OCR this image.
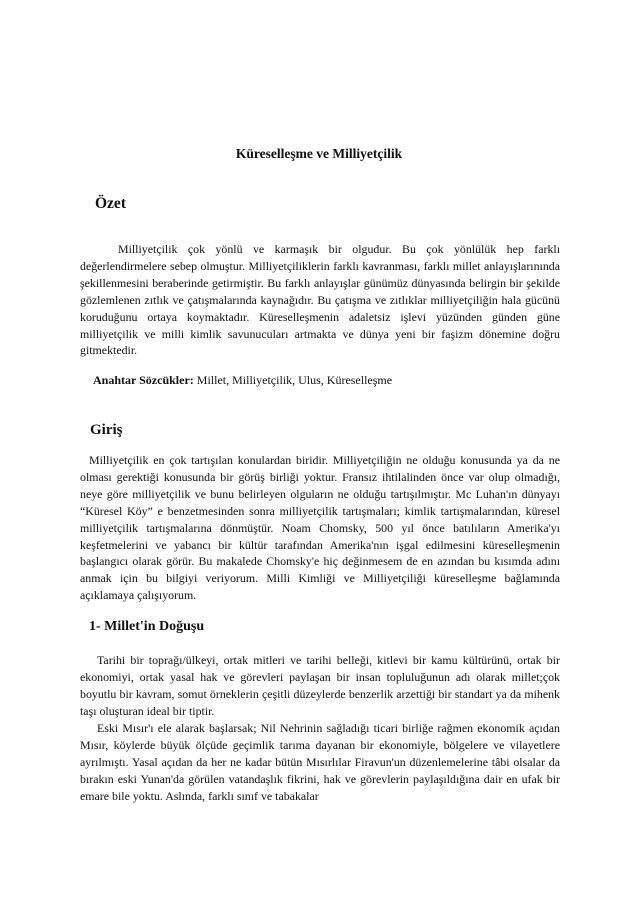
Küreselleşme ve Milliyetçilik
Özet

Milliyetçilik çok yönlü ve karmaşık bir olgudur. Bu çok yönlülük hep farklı değerlendirmelere sebep olmuştur. Milliyetçiliklerin farklı kavranması, farklı millet anlayışlarınında şekillenmesini beraberinde getirmiştir. Bu farklı anlayışlar günümüz dünyasında belirgin bir şekilde gözlemlenen zıtlık ve çatışmalarında kaynağıdır. Bu çatışma ve zıtlıklar milliyetçiliğin hala gücünü koruduğunu ortaya koymaktadır. Küreselleşmenin adaletsiz işlevi yüzünden günden güne milliyetçilik ve milli kimlik savunucuları artmakta ve dünya yeni bir faşizm dönemine doğru gitmektedir.

Anahtar Sözcükler: Millet, Milliyetçilik, Ulus, Küreselleşme
Giriş

Milliyetçilik en çok tartışılan konulardan biridir. Milliyetçiliğin ne olduğu konusunda ya da ne olması gerektiği konusunda bir görüş birliği yoktur. Fransız ihtilalinden önce var olup olmadığı, neye göre milliyetçilik ve bunu belirleyen olguların ne olduğu tartışılmıştır. Mc Luhan'ın dünyayı “Küresel Köy” e benzetmesinden sonra milliyetçilik tartışmaları; kimlik tartışmalarından, küresel milliyetçilik tartışmalarına dönmüştür. Noam Chomsky, 500 yıl önce batılıların Amerika'yı keşfetmelerini ve yabancı bir kültür tarafından Amerika'nın işgal edilmesini küreselleşmenin başlangıcı olarak görür. Bu makalede Chomsky'e hiç değinmesem de en azından bu kısımda adını anmak için bu bilgiyi veriyorum. Milli Kimliği ve Milliyetçiliği küreselleşme bağlamında açıklamaya çalışıyorum.

1- Millet'in Doğuşu

Tarihi bir toprağı/ülkeyi, ortak mitleri ve tarihi belleği, kitlevi bir kamu kültürünü, ortak bir ekonomiyi, ortak yasal hak ve görevleri paylaşan bir insan topluluğunun adı olarak millet;çok boyutlu bir kavram, somut örneklerin çeşitli düzeylerde benzerlik arzettiği bir standart ya da mihenk taşı oluşturan ideal bir tiptir.

Eski Mısır'ı ele alarak başlarsak; Nil Nehrinin sağladığı ticari birliğe rağmen ekonomik açıdan Mısır, köylerde büyük ölçüde geçimlik tarıma dayanan bir ekonomiyle, bölgelere ve vilayetlere ayrılmıştı. Yasal açıdan da her ne kadar bütün Mısırlılar Firavun'un düzenlemelerine tâbi olsalar da bırakın eski Yunan'da görülen vatandaşlık fikrini, hak ve görevlerin paylaşıldığına dair en ufak bir emare bile yoktu. Aslında, farklı sınıf ve tabakalar
